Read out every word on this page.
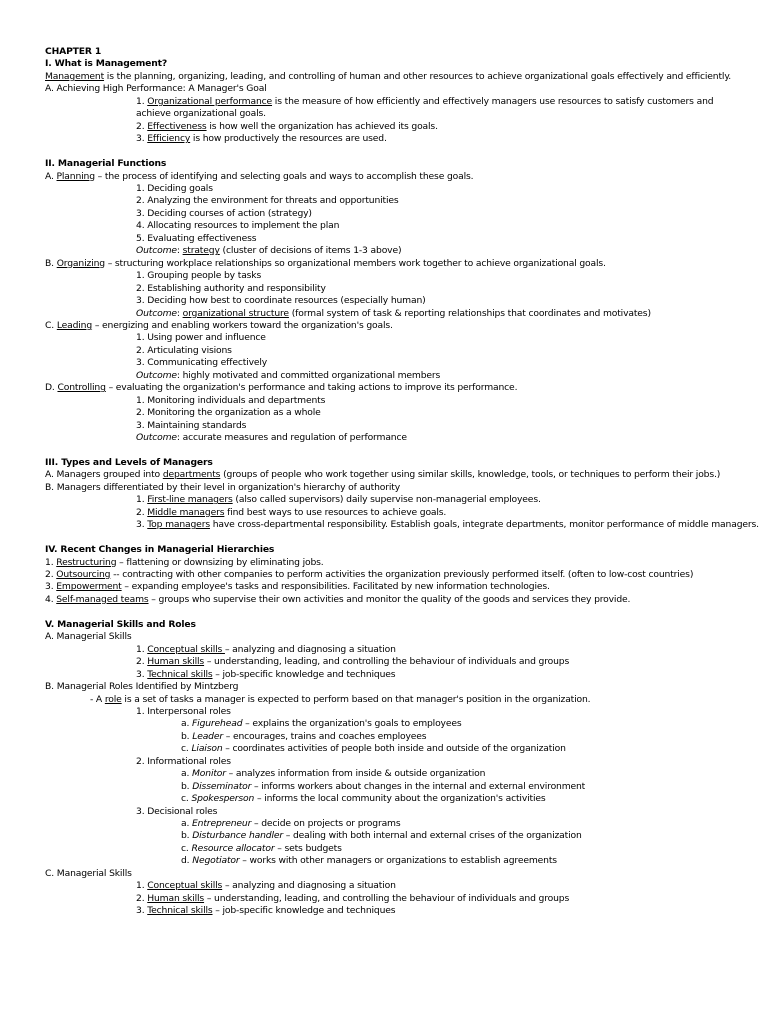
CHAPTER 1
I. What is Management?
Management is the planning, organizing, leading, and controlling of human and other resources to achieve organizational goals effectively and efficiently.
A. Achieving High Performance: A Manager's Goal
1. Organizational performance is the measure of how efficiently and effectively managers use resources to satisfy customers and achieve organizational goals.
2. Effectiveness is how well the organization has achieved its goals.
3. Efficiency is how productively the resources are used.
II. Managerial Functions
A. Planning – the process of identifying and selecting goals and ways to accomplish these goals.
1. Deciding goals
2. Analyzing the environment for threats and opportunities
3. Deciding courses of action (strategy)
4. Allocating resources to implement the plan
5. Evaluating effectiveness
Outcome: strategy (cluster of decisions of items 1-3 above)
B. Organizing – structuring workplace relationships so organizational members work together to achieve organizational goals.
1. Grouping people by tasks
2. Establishing authority and responsibility
3. Deciding how best to coordinate resources (especially human)
Outcome: organizational structure (formal system of task & reporting relationships that coordinates and motivates)
C. Leading – energizing and enabling workers toward the organization's goals.
1. Using power and influence
2. Articulating visions
3. Communicating effectively
Outcome: highly motivated and committed organizational members
D. Controlling – evaluating the organization's performance and taking actions to improve its performance.
1. Monitoring individuals and departments
2. Monitoring the organization as a whole
3. Maintaining standards
Outcome: accurate measures and regulation of performance
III. Types and Levels of Managers
A. Managers grouped into departments (groups of people who work together using similar skills, knowledge, tools, or techniques to perform their jobs.)
B. Managers differentiated by their level in organization's hierarchy of authority
1. First-line managers (also called supervisors) daily supervise non-managerial employees.
2. Middle managers find best ways to use resources to achieve goals.
3. Top managers have cross-departmental responsibility. Establish goals, integrate departments, monitor performance of middle managers.
IV. Recent Changes in Managerial Hierarchies
1. Restructuring – flattening or downsizing by eliminating jobs.
2. Outsourcing -- contracting with other companies to perform activities the organization previously performed itself. (often to low-cost countries)
3. Empowerment – expanding employee's tasks and responsibilities. Facilitated by new information technologies.
4. Self-managed teams – groups who supervise their own activities and monitor the quality of the goods and services they provide.
V. Managerial Skills and Roles
A. Managerial Skills
1. Conceptual skills – analyzing and diagnosing a situation
2. Human skills – understanding, leading, and controlling the behaviour of individuals and groups
3. Technical skills – job-specific knowledge and techniques
B. Managerial Roles Identified by Mintzberg
- A role is a set of tasks a manager is expected to perform based on that manager's position in the organization.
1. Interpersonal roles
a. Figurehead – explains the organization's goals to employees
b. Leader – encourages, trains and coaches employees
c. Liaison – coordinates activities of people both inside and outside of the organization
2. Informational roles
a. Monitor – analyzes information from inside & outside organization
b. Disseminator – informs workers about changes in the internal and external environment
c. Spokesperson – informs the local community about the organization's activities
3. Decisional roles
a. Entrepreneur – decide on projects or programs
b. Disturbance handler – dealing with both internal and external crises of the organization
c. Resource allocator – sets budgets
d. Negotiator – works with other managers or organizations to establish agreements
C. Managerial Skills
1. Conceptual skills – analyzing and diagnosing a situation
2. Human skills – understanding, leading, and controlling the behaviour of individuals and groups
3. Technical skills – job-specific knowledge and techniques
